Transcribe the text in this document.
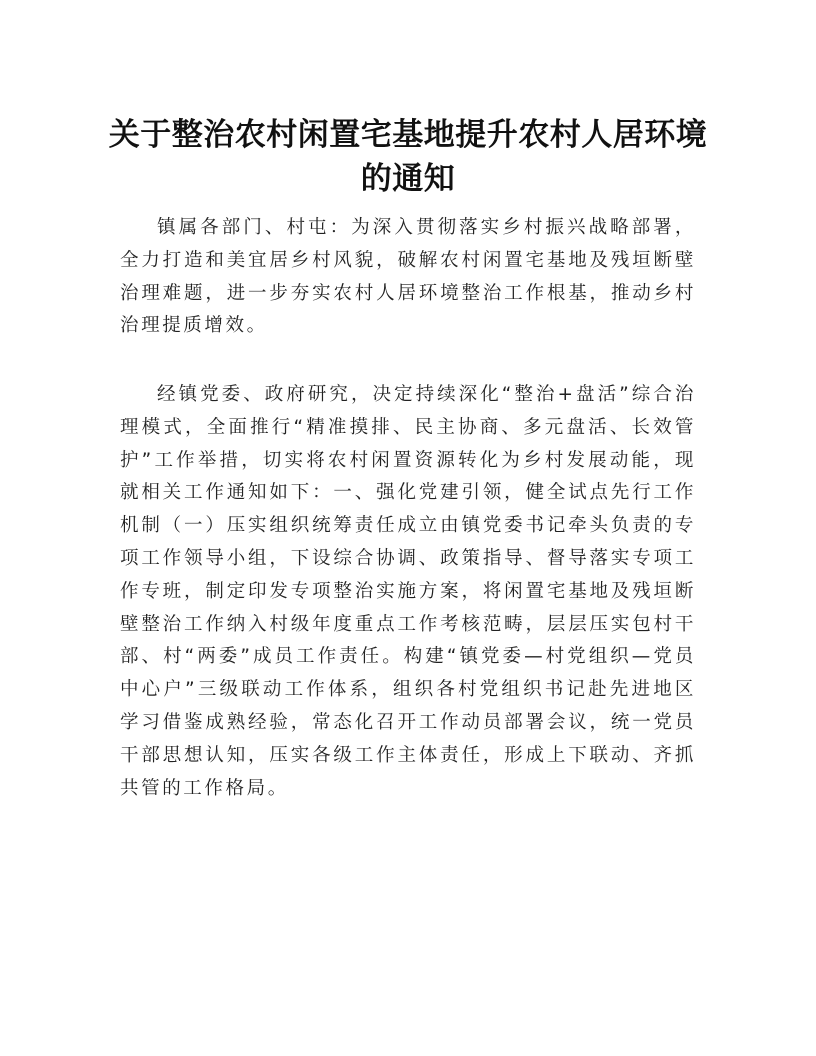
关于整治农村闲置宅基地提升农村人居环境的通知

镇属各部门、村屯：为深入贯彻落实乡村振兴战略部署，全力打造和美宜居乡村风貌，破解农村闲置宅基地及残垣断壁治理难题，进一步夯实农村人居环境整治工作根基，推动乡村治理提质增效。

经镇党委、政府研究，决定持续深化“整治+盘活”综合治理模式，全面推行“精准摸排、民主协商、多元盘活、长效管护”工作举措，切实将农村闲置资源转化为乡村发展动能，现就相关工作通知如下：一、强化党建引领，健全试点先行工作机制（一）压实组织统筹责任成立由镇党委书记牵头负责的专项工作领导小组，下设综合协调、政策指导、督导落实专项工作专班，制定印发专项整治实施方案，将闲置宅基地及残垣断壁整治工作纳入村级年度重点工作考核范畴，层层压实包村干部、村“两委”成员工作责任。构建“镇党委—村党组织—党员中心户”三级联动工作体系，组织各村党组织书记赴先进地区学习借鉴成熟经验，常态化召开工作动员部署会议，统一党员干部思想认知，压实各级工作主体责任，形成上下联动、齐抓共管的工作格局。
